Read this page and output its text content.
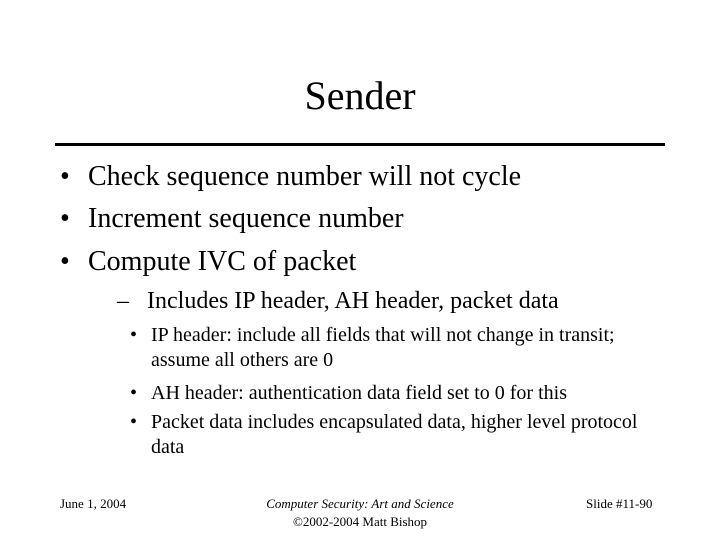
Sender
• Check sequence number will not cycle
• Increment sequence number
• Compute IVC of packet
– Includes IP header, AH header, packet data
• IP header: include all fields that will not change in transit; assume all others are 0
• AH header: authentication data field set to 0 for this
• Packet data includes encapsulated data, higher level protocol data
June 1, 2004	Computer Security: Art and Science
©2002-2004 Matt Bishop
Slide #11-90
